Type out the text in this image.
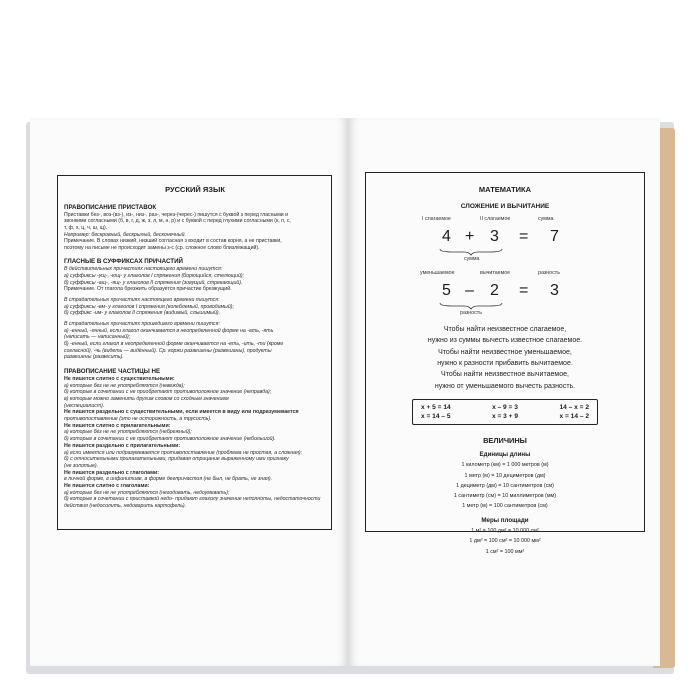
РУССКИЙ ЯЗЫК
ПРАВОПИСАНИЕ ПРИСТАВОК

Приставки без-, воз-(вз-), из-, низ-, раз-, через-(черес-) пишутся с буквой з перед гласными и

звонкими согласными (б, в, г, д, ж, з, л, м, н, р) и с буквой с перед глухими согласными (к, п, с,

т, ф, х, ц, ч, ш, щ).

Например: бескровный, бескрылый, бесконечный.

Примечание. В словах низкий, низший согласная з входит в состав корня, а не приставки,

поэтому на письме не происходит замены з-с (ср. сложное слово близлежащий).

ГЛАСНЫЕ В СУФФИКСАХ ПРИЧАСТИЙ

В действительных причастиях настоящего времени пишутся:

а) суффиксы -ущ-, -ющ- у глаголов I спряжения (борющийся, стелющий);

б) суффиксы -ащ-, -ящ- у глаголов II спряжения (зовущий, стрекающий).

Примечание. От глагола брезжить образуется причастие брезжущий.

В страдательных причастиях настоящего времени пишутся:

а) суффиксы -ем- у глаголов I спряжения (колеблемый, проводимый);

б) суффикс -им- у глаголов II спряжения (видимый, слышимый).

В страдательных причастиях прошедшего времени пишутся:

а) -енный, -янный, если глагол оканчивается в неопределенной форме на -ать, -ять

(написать — написанный);

б) -енный, если глагол в неопределенной форме оканчивается на -еть, -ить, -ти (кроме

согласной), -чь (видеть — видённый). Ср. коржи развешены (развешаны), продукты

развешены (развесить).

ПРАВОПИСАНИЕ ЧАСТИЦЫ НЕ

Не пишется слитно с существительными:

а) которые без не не употребляются (невежда);

б) которые в сочетании с не приобретают противоположное значение (неправда);

в) которые можно заменить другим словом со сходным значением

(неспециалист).

Не пишется раздельно с существительными, если имеется в виду или подразумевается

противопоставление (это не осторожность, а трусость).

Не пишется слитно с прилагательными:

а) которые без не не употребляются (небрежный);

б) которые в сочетании с не приобретают противоположное значение (небольшой).

Не пишется раздельно с прилагательными:

а) если имеется или подразумевается противопоставление (проблема не простая, а сложная);

б) с относительными прилагательными, придавая отрицание выраженному ими признаку

(не золотые).

Не пишется раздельно с глаголами:

в личной форме, в инфинитиве, в форме деепричастия (не был, не брать, не зная).

Не пишется слитно с глаголами:

а) которые без не не употребляются (негодовать, недоумевать);

б) которые в сочетании с приставкой недо- придают глаголу значение неполноты, недостаточности

действия (недосолить, недоварить картофель).

МАТЕМАТИКА
СЛОЖЕНИЕ И ВЫЧИТАНИЕ
I слагаемое	II слагаемое	сумма
4 + 3 = 7
сумма
уменьшаемое	вычитаемое	разность
5 – 2 = 3
разность
Чтобы найти неизвестное слагаемое,
нужно из суммы вычесть известное слагаемое.
Чтобы найти неизвестное уменьшаемое,
нужно к разности прибавить вычитаемое.
Чтобы найти неизвестное вычитаемое,
нужно от уменьшаемого вычесть разность.
x + 5 = 14	x – 9 = 3	14 – x = 2
x = 14 – 5	x = 3 + 9	x = 14 – 2
ВЕЛИЧИНЫ
Единицы длины
1 километр (км) = 1 000 метров (м)
1 метр (м) = 10 дециметров (дм)
1 дециметр (дм) = 10 сантиметров (см)
1 сантиметр (см) = 10 миллиметров (мм)
1 метр (м) = 100 сантиметров (см)
Меры площади
1 м² = 100 дм² = 10 000 см²
1 дм² = 100 см² = 10 000 мм²
1 см² = 100 мм²
